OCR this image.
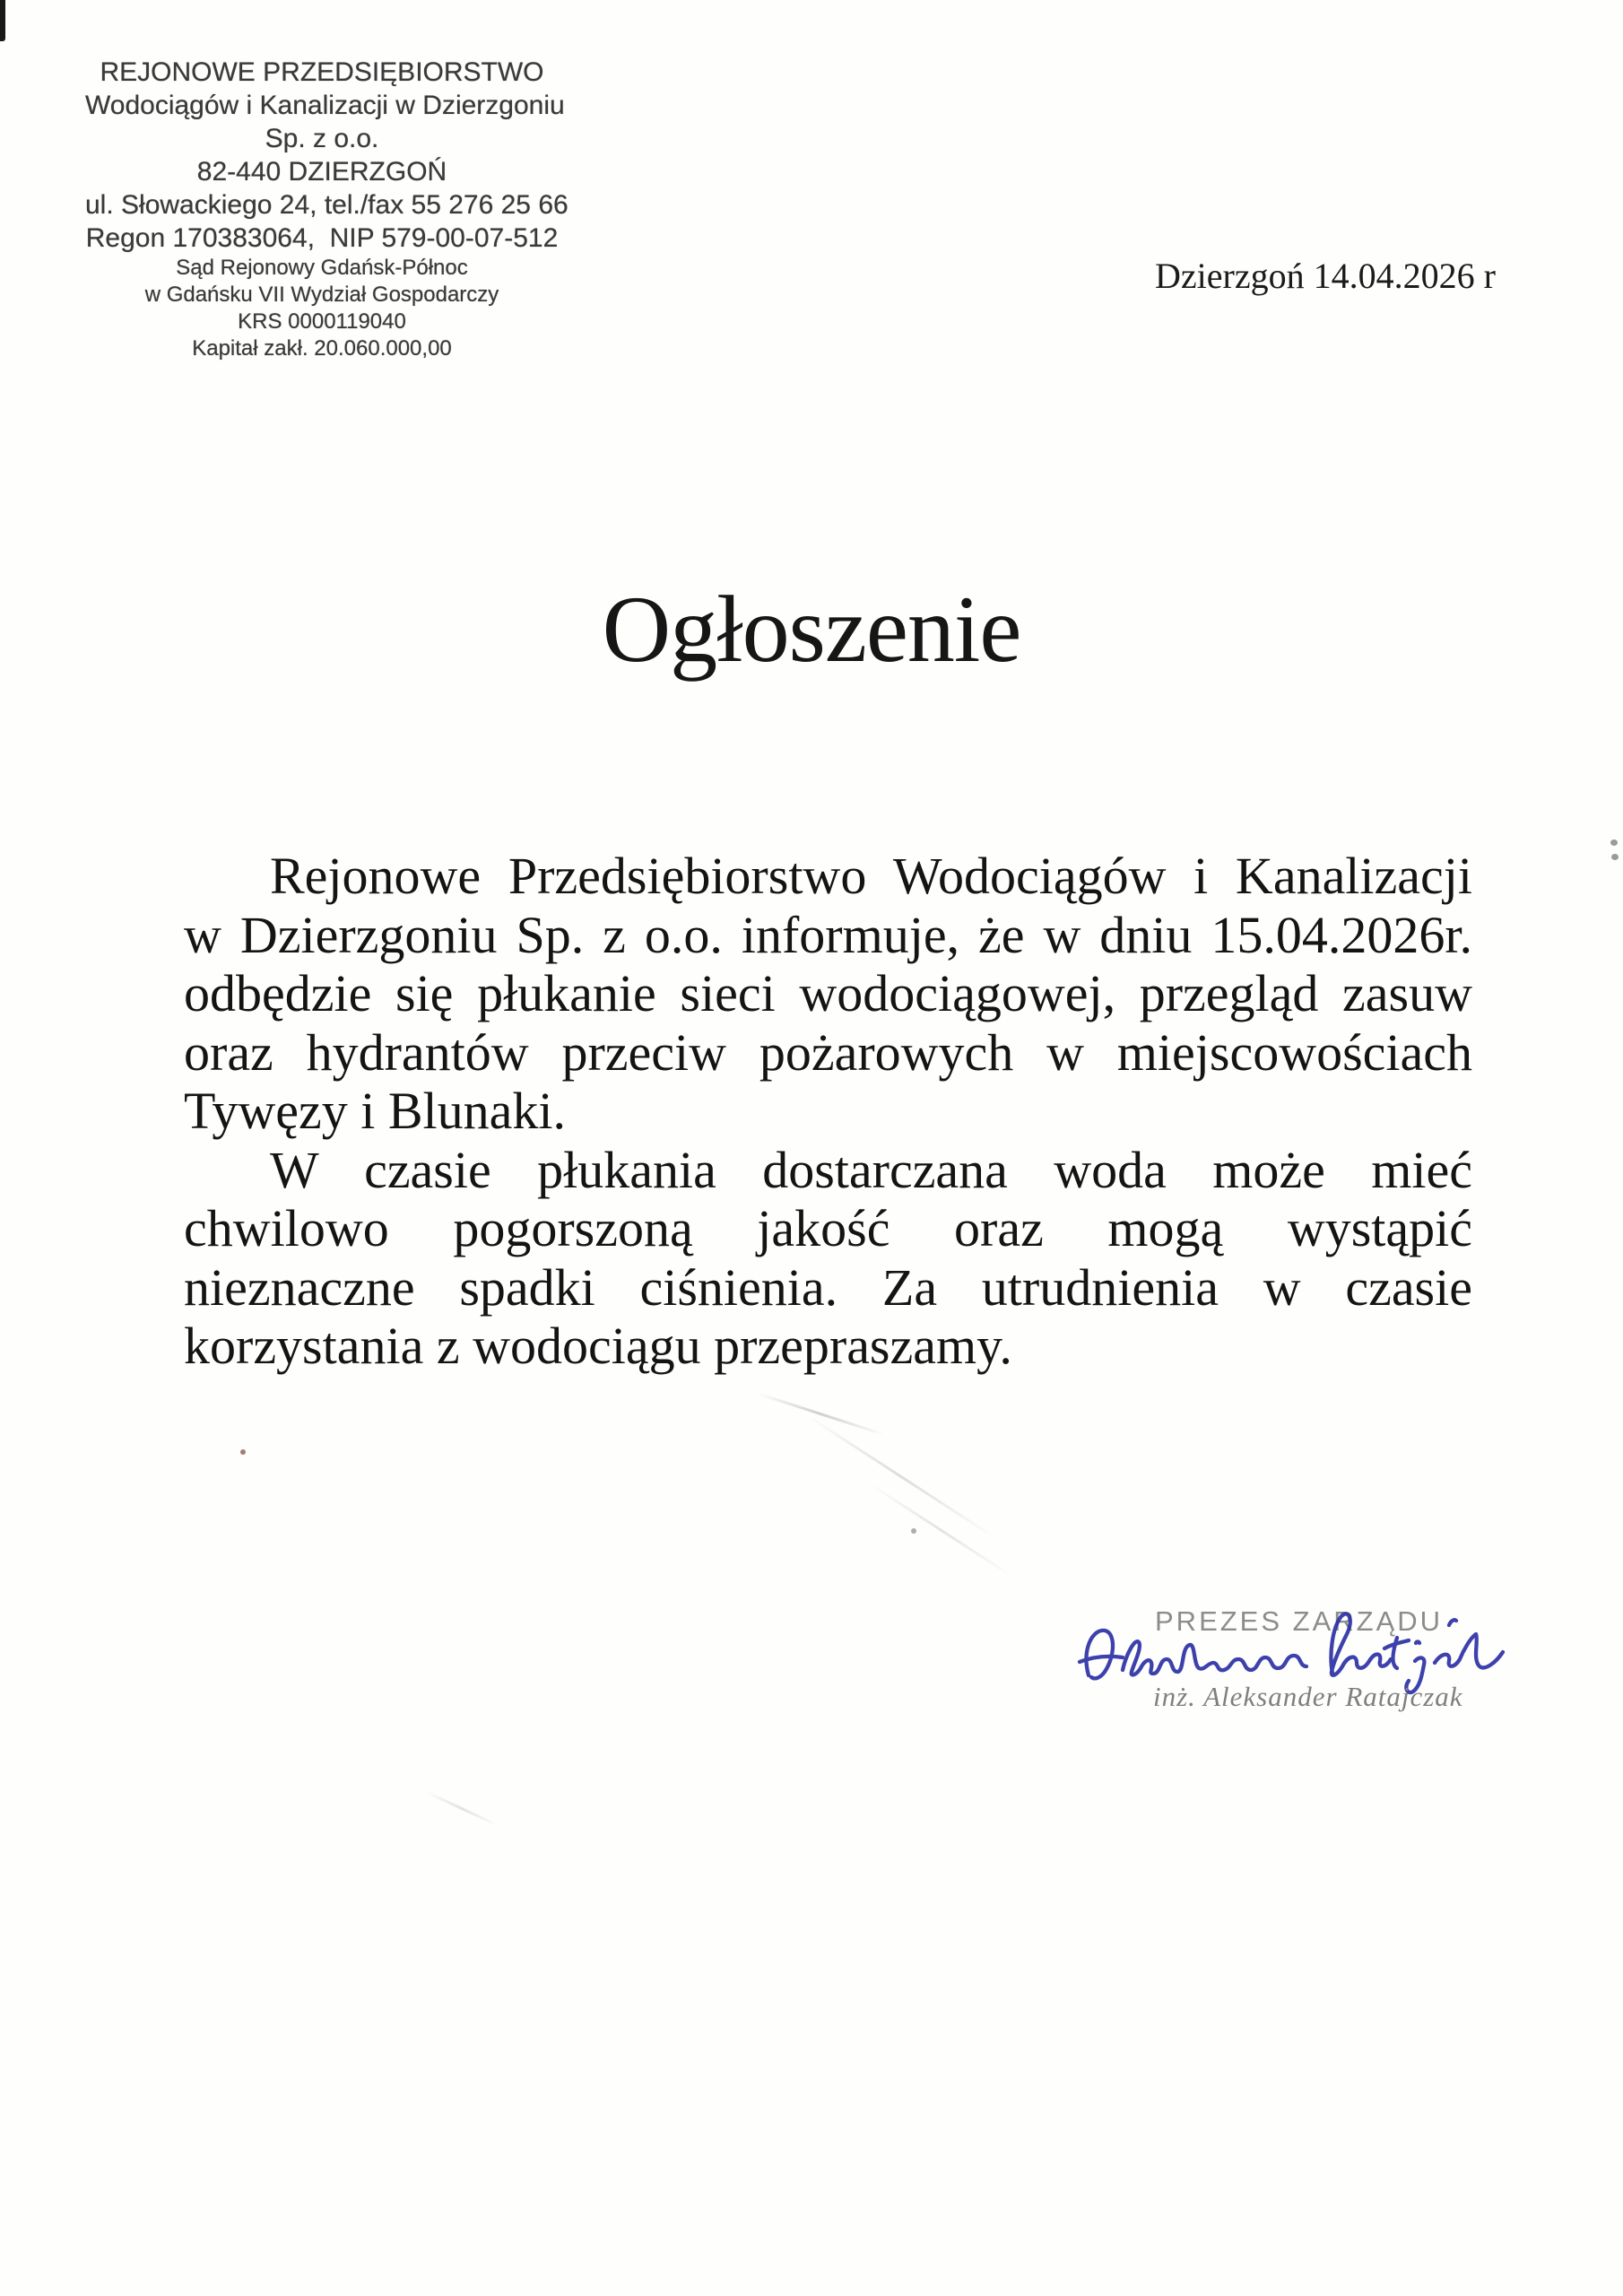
REJONOWE PRZEDSIĘBIORSTWO
Wodociągów i Kanalizacji w Dzierzgoniu
Sp. z o.o.
82-440 DZIERZGOŃ
ul. Słowackiego 24, tel./fax 55 276 25 66
Regon 170383064,  NIP 579-00-07-512
Sąd Rejonowy Gdańsk-Północ
w Gdańsku VII Wydział Gospodarczy
KRS 0000119040
Kapitał zakł. 20.060.000,00
Dzierzgoń 14.04.2026 r
Ogłoszenie
Rejonowe Przedsiębiorstwo Wodociągów i Kanalizacji
w Dzierzgoniu Sp. z o.o. informuje, że w dniu 15.04.2026r.
odbędzie się płukanie sieci wodociągowej, przegląd zasuw
oraz hydrantów przeciw pożarowych w miejscowościach
Tywęzy i Blunaki.
W czasie płukania dostarczana woda może mieć
chwilowo pogorszoną jakość oraz mogą wystąpić
nieznaczne spadki ciśnienia. Za utrudnienia w czasie
korzystania z wodociągu przepraszamy.
PREZES ZARZĄDU
inż. Aleksander Ratajczak
